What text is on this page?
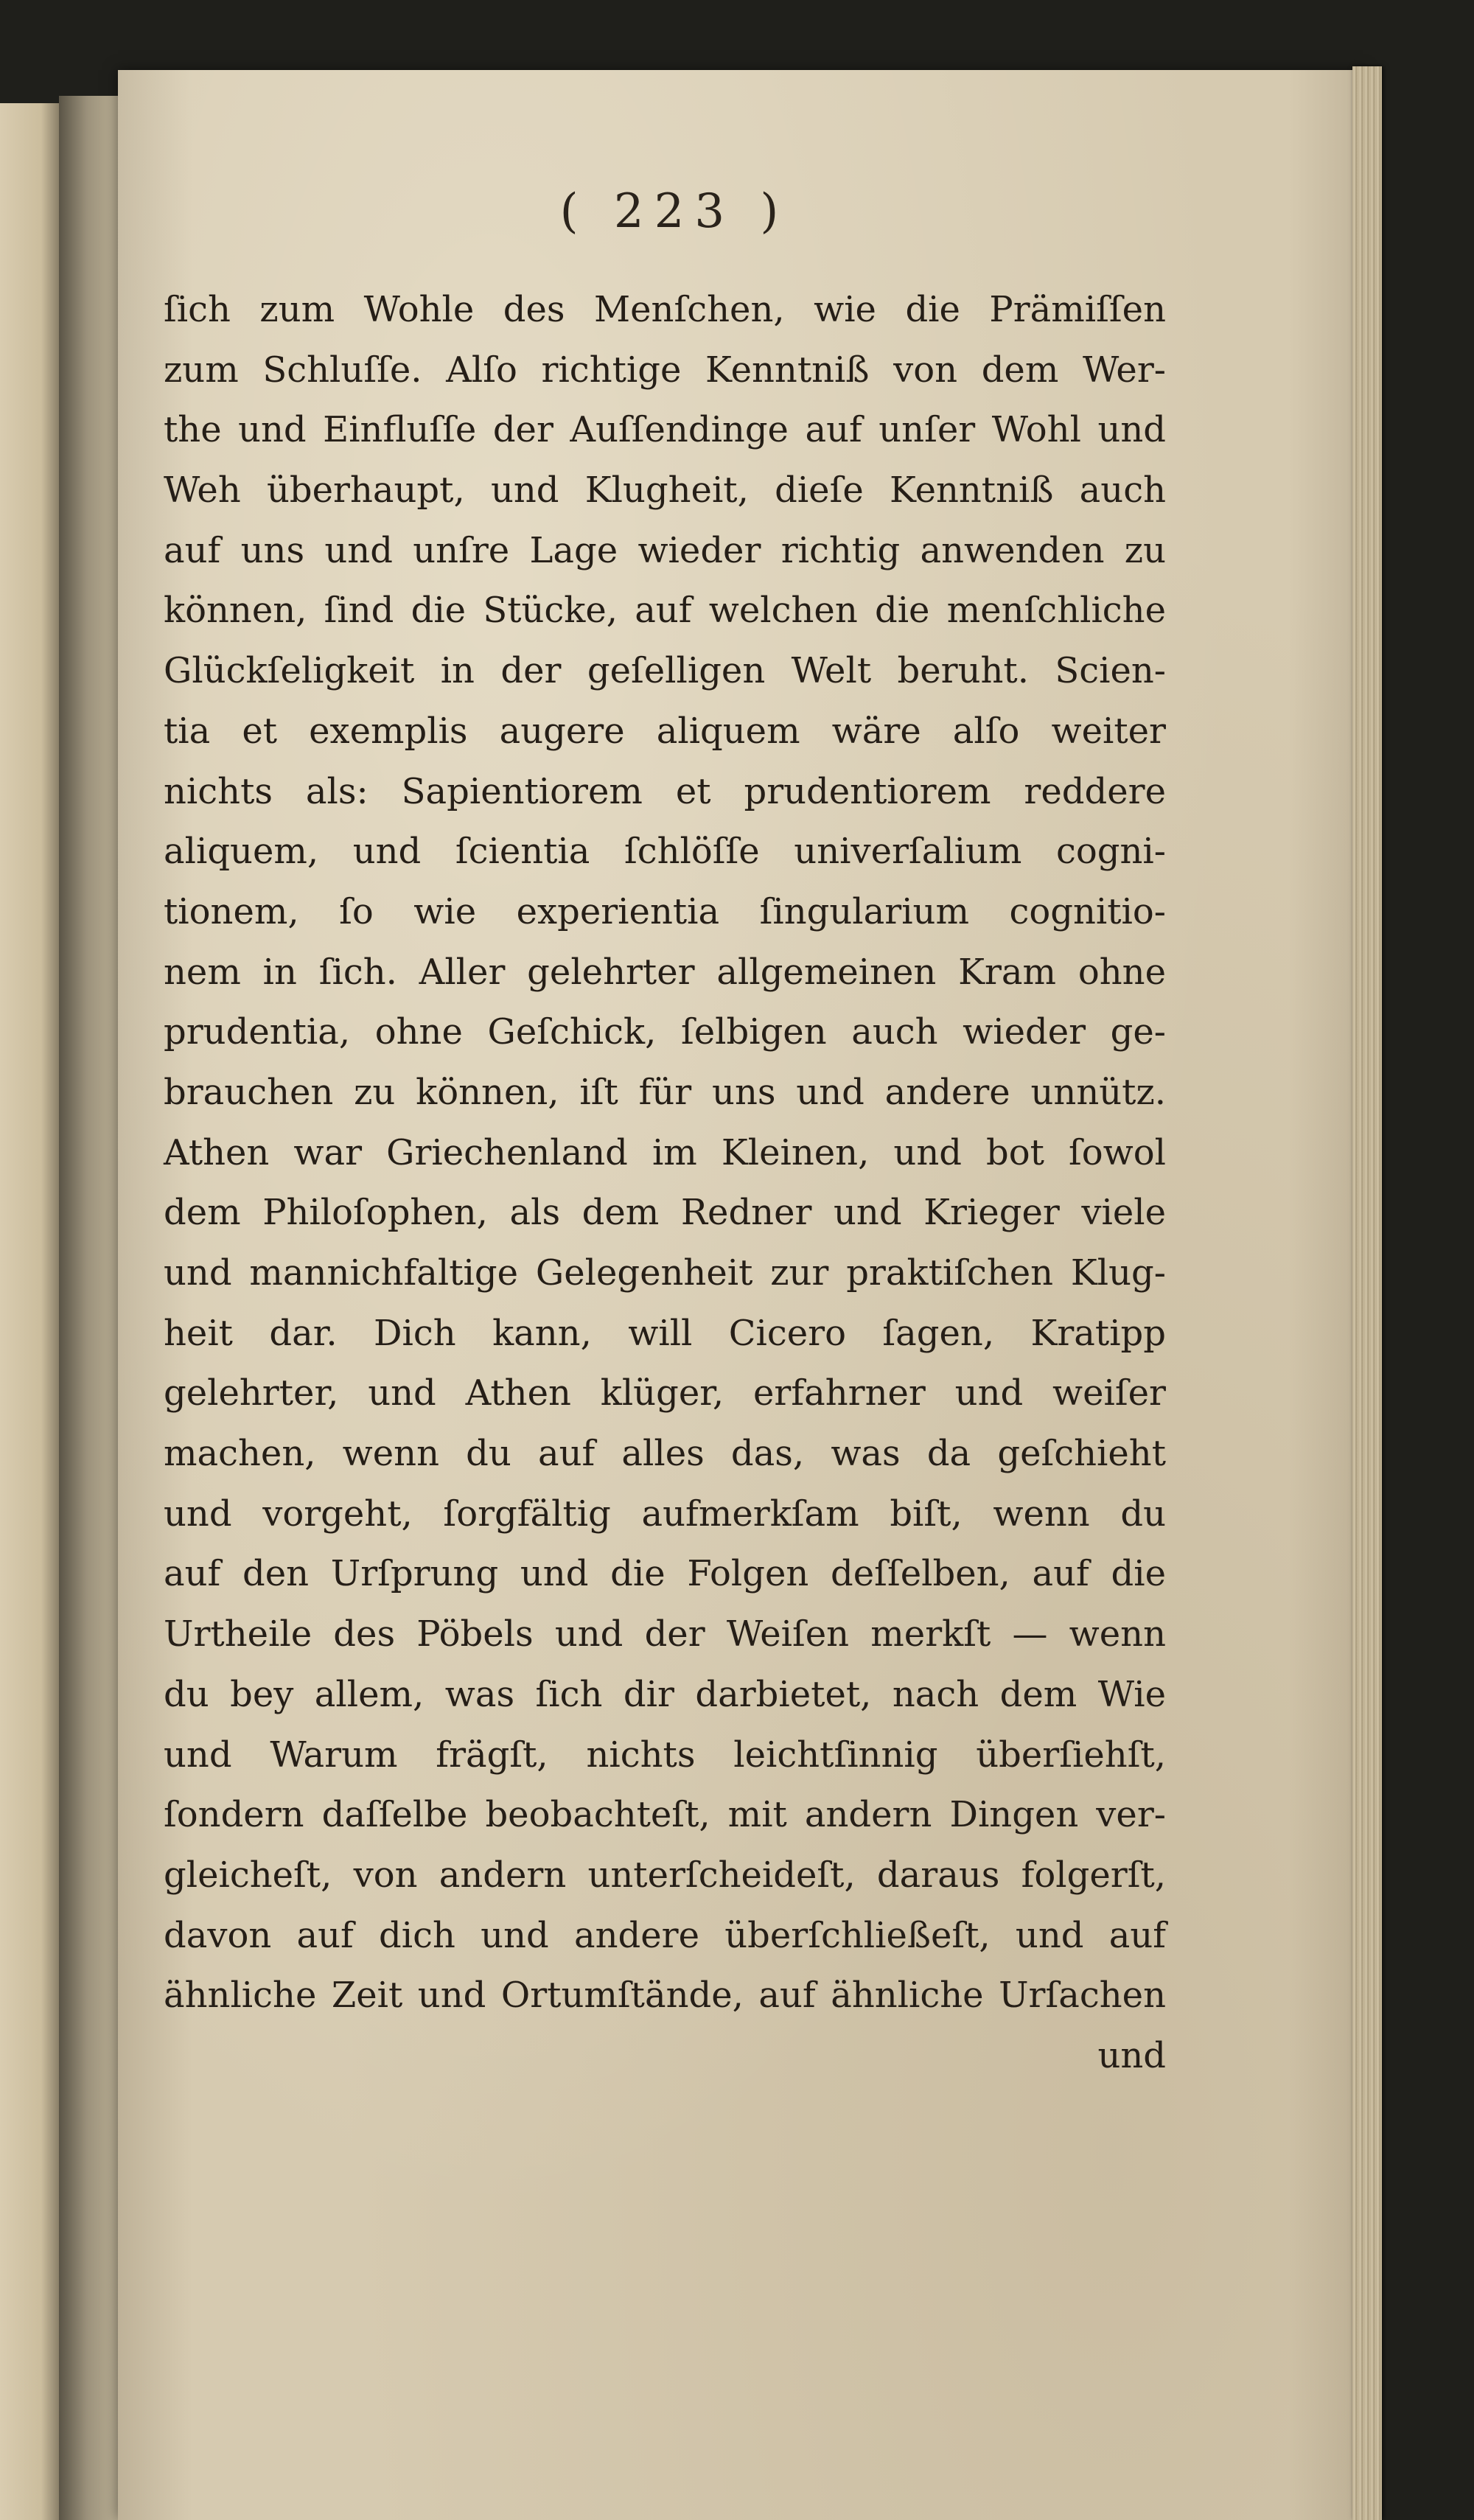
( 223 )
ſich zum Wohle des Menſchen, wie die Prämiſſen
zum Schluſſe. Alſo richtige Kenntniß von dem Wer-
the und Einfluſſe der Auſſendinge auf unſer Wohl und
Weh überhaupt, und Klugheit, dieſe Kenntniß auch
auf uns und unſre Lage wieder richtig anwenden zu
können, ſind die Stücke, auf welchen die menſchliche
Glückſeligkeit in der geſelligen Welt beruht. Scien-
tia et exemplis augere aliquem wäre alſo weiter
nichts als: Sapientiorem et prudentiorem reddere
aliquem, und ſcientia ſchlöſſe univerſalium cogni-
tionem, ſo wie experientia ſingularium cognitio-
nem in ſich. Aller gelehrter allgemeinen Kram ohne
prudentia, ohne Geſchick, ſelbigen auch wieder ge-
brauchen zu können, iſt für uns und andere unnütz.
Athen war Griechenland im Kleinen, und bot ſowol
dem Philoſophen, als dem Redner und Krieger viele
und mannichfaltige Gelegenheit zur praktiſchen Klug-
heit dar. Dich kann, will Cicero ſagen, Kratipp
gelehrter, und Athen klüger, erfahrner und weiſer
machen, wenn du auf alles das, was da geſchieht
und vorgeht, ſorgfältig aufmerkſam biſt, wenn du
auf den Urſprung und die Folgen deſſelben, auf die
Urtheile des Pöbels und der Weiſen merkſt — wenn
du bey allem, was ſich dir darbietet, nach dem Wie
und Warum frägſt, nichts leichtſinnig überſiehſt,
ſondern daſſelbe beobachteſt, mit andern Dingen ver-
gleicheſt, von andern unterſcheideſt, daraus folgerſt,
davon auf dich und andere überſchließeſt, und auf
ähnliche Zeit und Ortumſtände, auf ähnliche Urſachen
und
